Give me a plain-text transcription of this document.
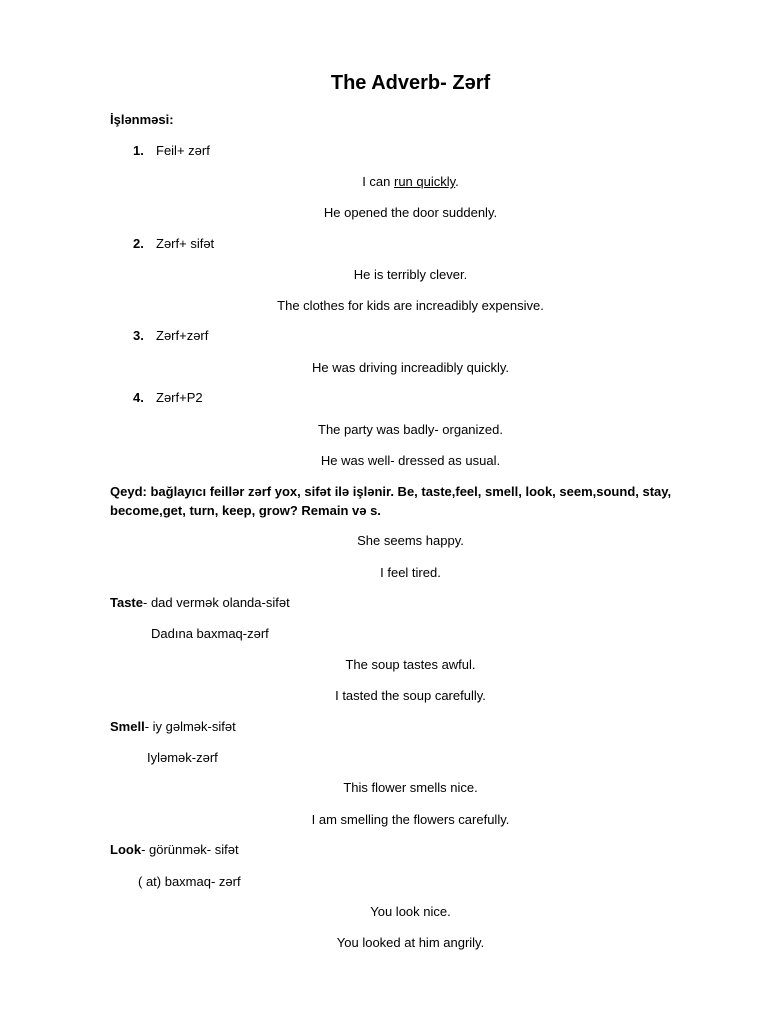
The Adverb- Zərf

İşlənməsi:

1. Feil+ zərf

I can run quickly.

He opened the door suddenly.

2. Zərf+ sifət

He is terribly clever.

The clothes for kids are increadibly expensive.

3. Zərf+zərf

He was driving increadibly quickly.

4. Zərf+P2

The party was badly- organized.

He was well- dressed as usual.

Qeyd: bağlayıcı feillər zərf yox, sifət ilə işlənir. Be, taste,feel, smell, look, seem,sound, stay,

become,get, turn, keep, grow? Remain və s.

She seems happy.

I feel tired.

Taste- dad vermək olanda-sifət

Dadına baxmaq-zərf

The soup tastes awful.

I tasted the soup carefully.

Smell- iy gəlmək-sifət

Iyləmək-zərf

This flower smells nice.

I am smelling the flowers carefully.

Look- görünmək- sifət

( at) baxmaq- zərf

You look nice.

You looked at him angrily.
